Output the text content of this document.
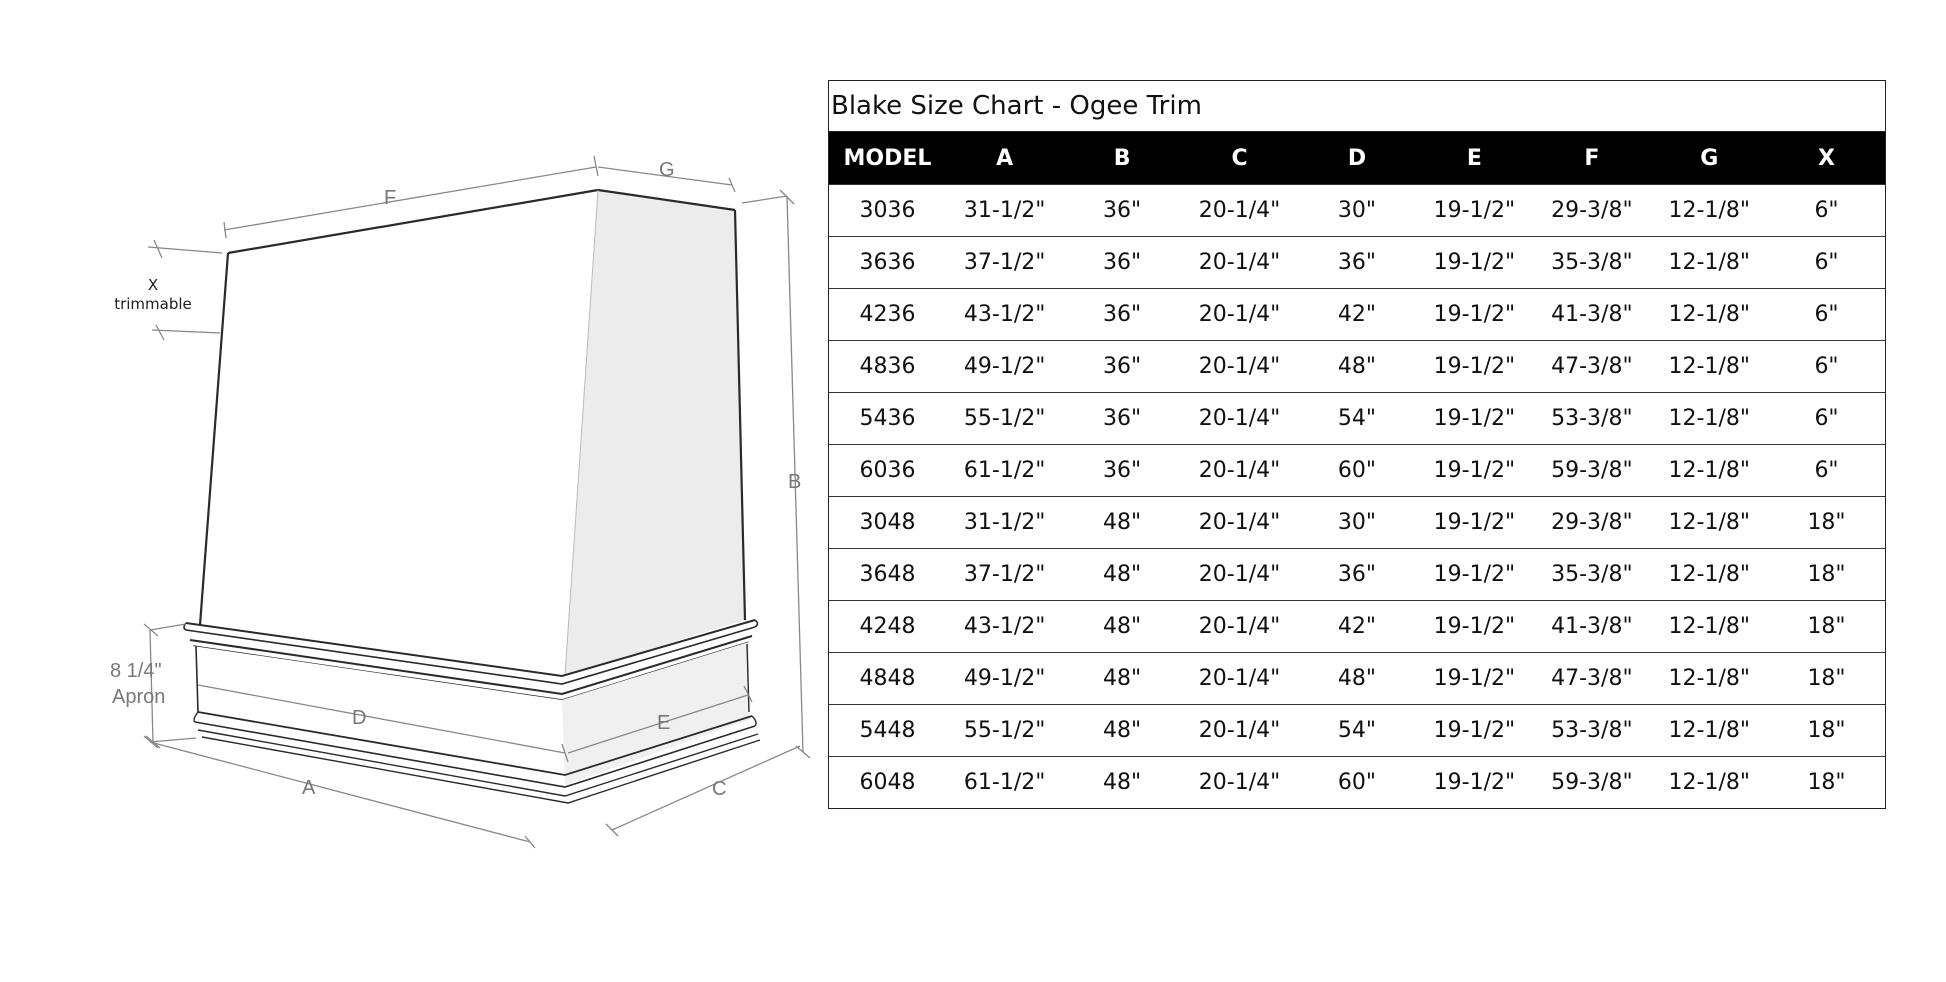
F
G
B
D	E
A	C
X
trimmable
8 1/4"
Apron
Blake Size Chart - Ogee Trim								
MODEL	A	B	C	D	E	F	G	X
3036	31-1/2"	36"	20-1/4"	30"	19-1/2"	29-3/8"	12-1/8"	6"
3636	37-1/2"	36"	20-1/4"	36"	19-1/2"	35-3/8"	12-1/8"	6"
4236	43-1/2"	36"	20-1/4"	42"	19-1/2"	41-3/8"	12-1/8"	6"
4836	49-1/2"	36"	20-1/4"	48"	19-1/2"	47-3/8"	12-1/8"	6"
5436	55-1/2"	36"	20-1/4"	54"	19-1/2"	53-3/8"	12-1/8"	6"
6036	61-1/2"	36"	20-1/4"	60"	19-1/2"	59-3/8"	12-1/8"	6"
3048	31-1/2"	48"	20-1/4"	30"	19-1/2"	29-3/8"	12-1/8"	18"
3648	37-1/2"	48"	20-1/4"	36"	19-1/2"	35-3/8"	12-1/8"	18"
4248	43-1/2"	48"	20-1/4"	42"	19-1/2"	41-3/8"	12-1/8"	18"
4848	49-1/2"	48"	20-1/4"	48"	19-1/2"	47-3/8"	12-1/8"	18"
5448	55-1/2"	48"	20-1/4"	54"	19-1/2"	53-3/8"	12-1/8"	18"
6048	61-1/2"	48"	20-1/4"	60"	19-1/2"	59-3/8"	12-1/8"	18"
